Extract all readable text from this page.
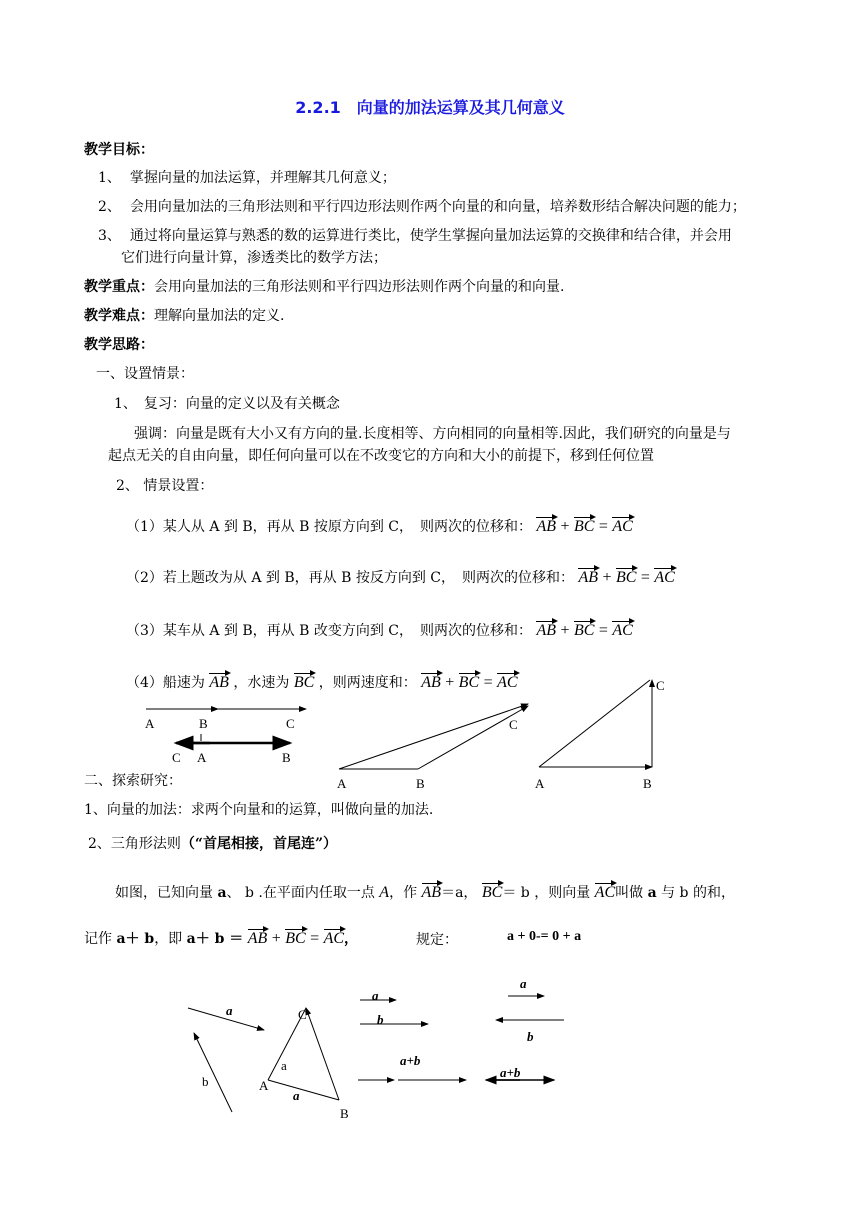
2.2.1　向量的加法运算及其几何意义
教学目标：
1、 掌握向量的加法运算，并理解其几何意义；
2、 会用向量加法的三角形法则和平行四边形法则作两个向量的和向量，培养数形结合解决问题的能力；
3、 通过将向量运算与熟悉的数的运算进行类比，使学生掌握向量加法运算的交换律和结合律，并会用
它们进行向量计算，渗透类比的数学方法；
教学重点：会用向量加法的三角形法则和平行四边形法则作两个向量的和向量.
教学难点：理解向量加法的定义.
教学思路：
一、设置情景：
1、　复习：向量的定义以及有关概念
强调：向量是既有大小又有方向的量.长度相等、方向相同的向量相等.因此，我们研究的向量是与
起点无关的自由向量，即任何向量可以在不改变它的方向和大小的前提下，移到任何位置
2、 情景设置：
（1）某人从 A 到 B，再从 B 按原方向到 C，　则两次的位移和： AB + BC = AC
（2）若上题改为从 A 到 B，再从 B 按反方向到 C，　则两次的位移和： AB + BC = AC
（3）某车从 A 到 B，再从 B 改变方向到 C，　则两次的位移和： AB + BC = AC
（4）船速为 AB ，水速为 BC ，则两速度和： AB + BC = AC
A	B	C
C A	B
A	B
C
A	B
C
a
b
C
A
B
a
a
a
b
a+b
a
b
a+b
二、探索研究：
1、向量的加法：求两个向量和的运算，叫做向量的加法.
2、三角形法则（“首尾相接，首尾连”）
如图，已知向量 a、 b .在平面内任取一点 A，作 AB＝a， BC＝ b ，则向量 AC叫做 a 与 b 的和，
记作 a＋ b，即 a＋ b ＝ AB + BC = AC，	规定：	a + 0-= 0 + a
